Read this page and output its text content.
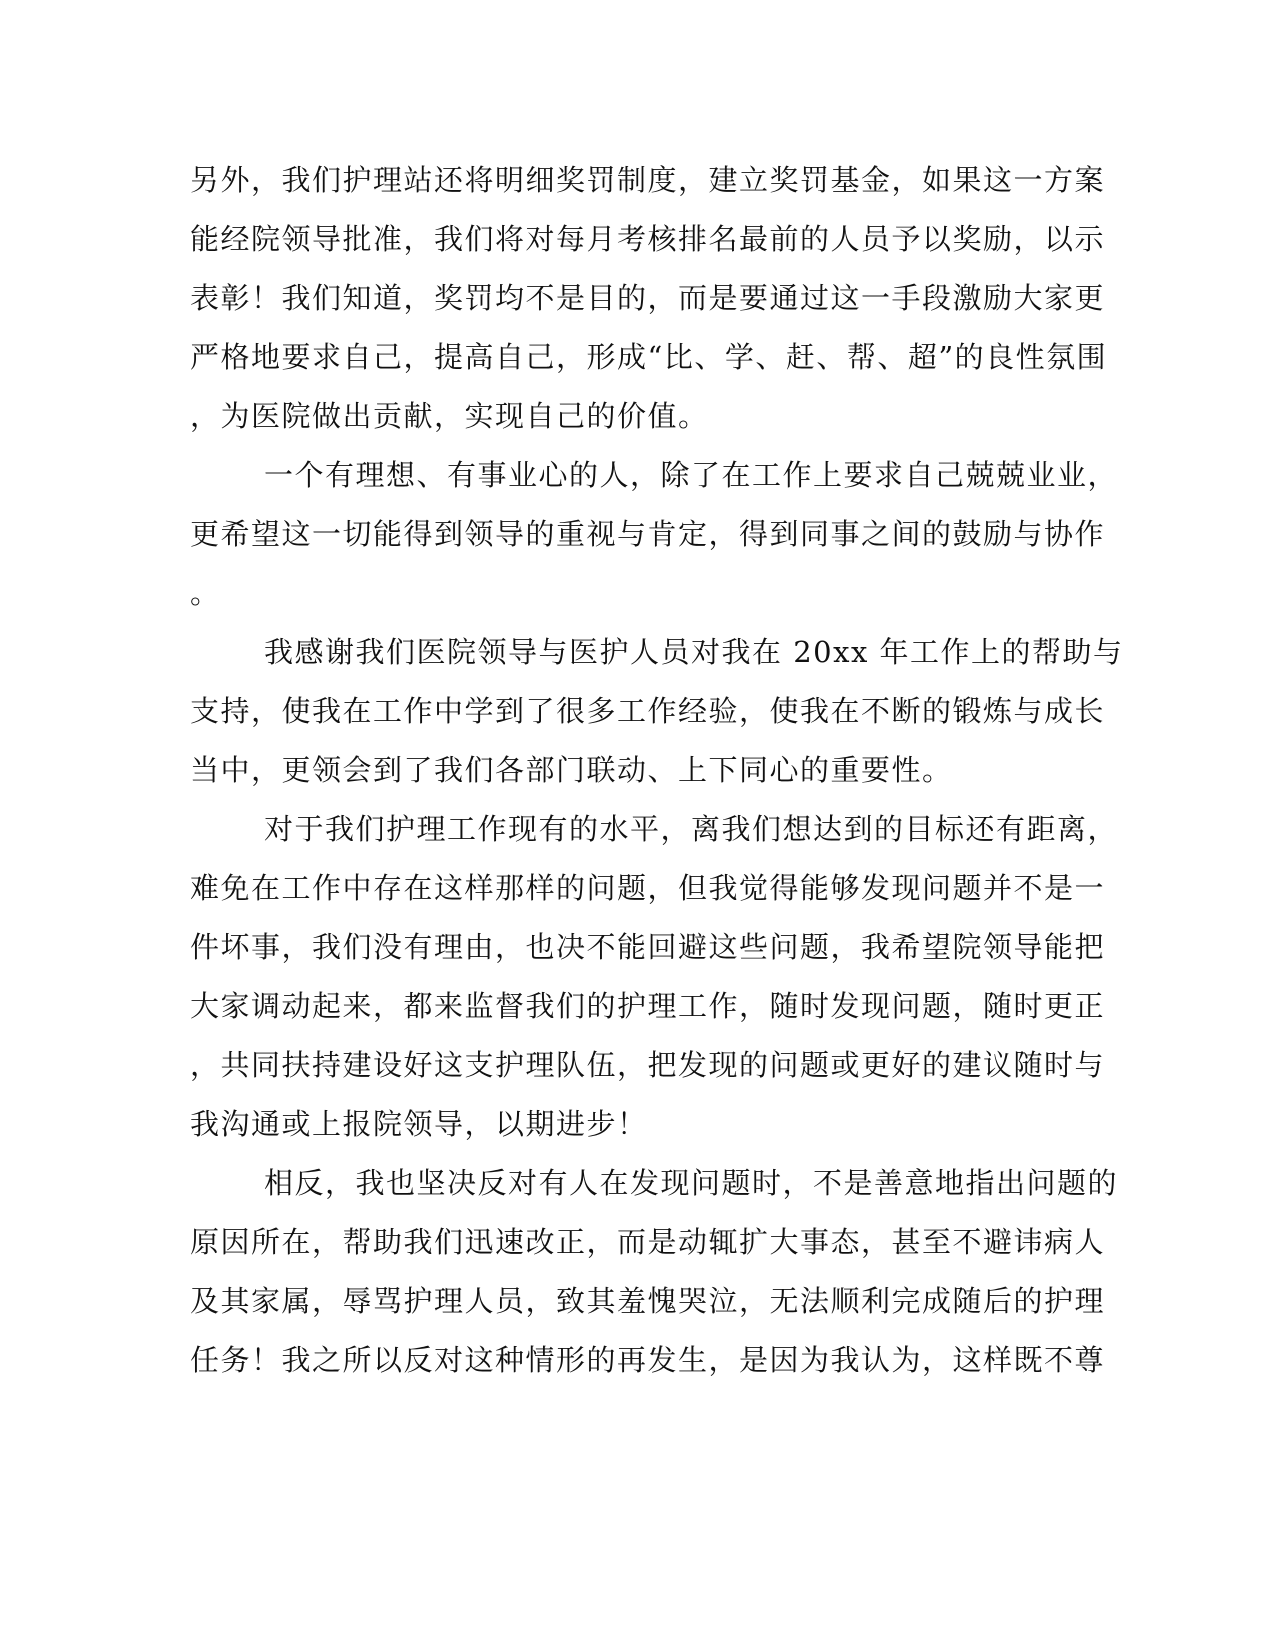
另外，我们护理站还将明细奖罚制度，建立奖罚基金，如果这一方案
能经院领导批准，我们将对每月考核排名最前的人员予以奖励，以示
表彰！我们知道，奖罚均不是目的，而是要通过这一手段激励大家更
严格地要求自己，提高自己，形成“比、学、赶、帮、超”的良性氛围
，为医院做出贡献，实现自己的价值。
一个有理想、有事业心的人，除了在工作上要求自己兢兢业业，
更希望这一切能得到领导的重视与肯定，得到同事之间的鼓励与协作
。
我感谢我们医院领导与医护人员对我在 20xx 年工作上的帮助与
支持，使我在工作中学到了很多工作经验，使我在不断的锻炼与成长
当中，更领会到了我们各部门联动、上下同心的重要性。
对于我们护理工作现有的水平，离我们想达到的目标还有距离，
难免在工作中存在这样那样的问题，但我觉得能够发现问题并不是一
件坏事，我们没有理由，也决不能回避这些问题，我希望院领导能把
大家调动起来，都来监督我们的护理工作，随时发现问题，随时更正
，共同扶持建设好这支护理队伍，把发现的问题或更好的建议随时与
我沟通或上报院领导，以期进步！
相反，我也坚决反对有人在发现问题时，不是善意地指出问题的
原因所在，帮助我们迅速改正，而是动辄扩大事态，甚至不避讳病人
及其家属，辱骂护理人员，致其羞愧哭泣，无法顺利完成随后的护理
任务！我之所以反对这种情形的再发生，是因为我认为，这样既不尊
